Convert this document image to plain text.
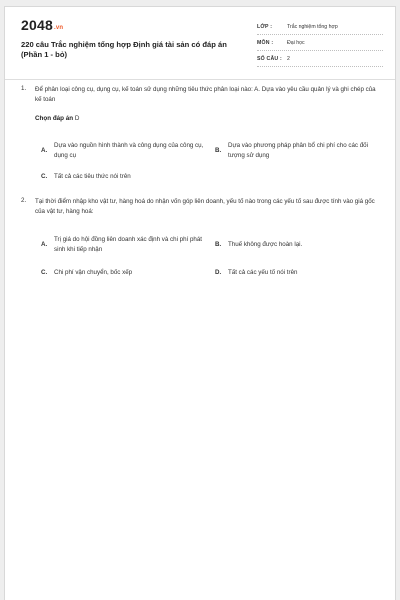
2048.vn
220 câu Trắc nghiệm tổng hợp Định giá tài sản có đáp án (Phần 1 - bỏ)
LỚP :	Trắc nghiệm tổng hợp
MÔN :	Đại học
SỐ CÂU : 2
1. Để phân loại công cụ, dụng cụ, kế toán sử dụng những tiêu thức phân loại nào: A. Dựa vào yêu cầu quản lý và ghi chép của kế toán
Chọn đáp án D
A.
Dựa vào nguồn hình thành và công dụng của công cụ, dụng cụ
B.
Dựa vào phương pháp phân bổ chi phí cho các đối tượng sử dụng
C. Tất cả các tiêu thức nói trên
2. Tại thời điểm nhập kho vật tư, hàng hoá do nhận vốn góp liên doanh, yếu tố nào trong các yếu tố sau được tính vào giá gốc của vật tư, hàng hoá:
A.
Trị giá do hội đồng liên doanh xác định và chi phí phát sinh khi tiếp nhận
B. Thuế không được hoàn lại.
C. Chi phí vận chuyển, bốc xếp	D. Tất cả các yếu tố nói trên
